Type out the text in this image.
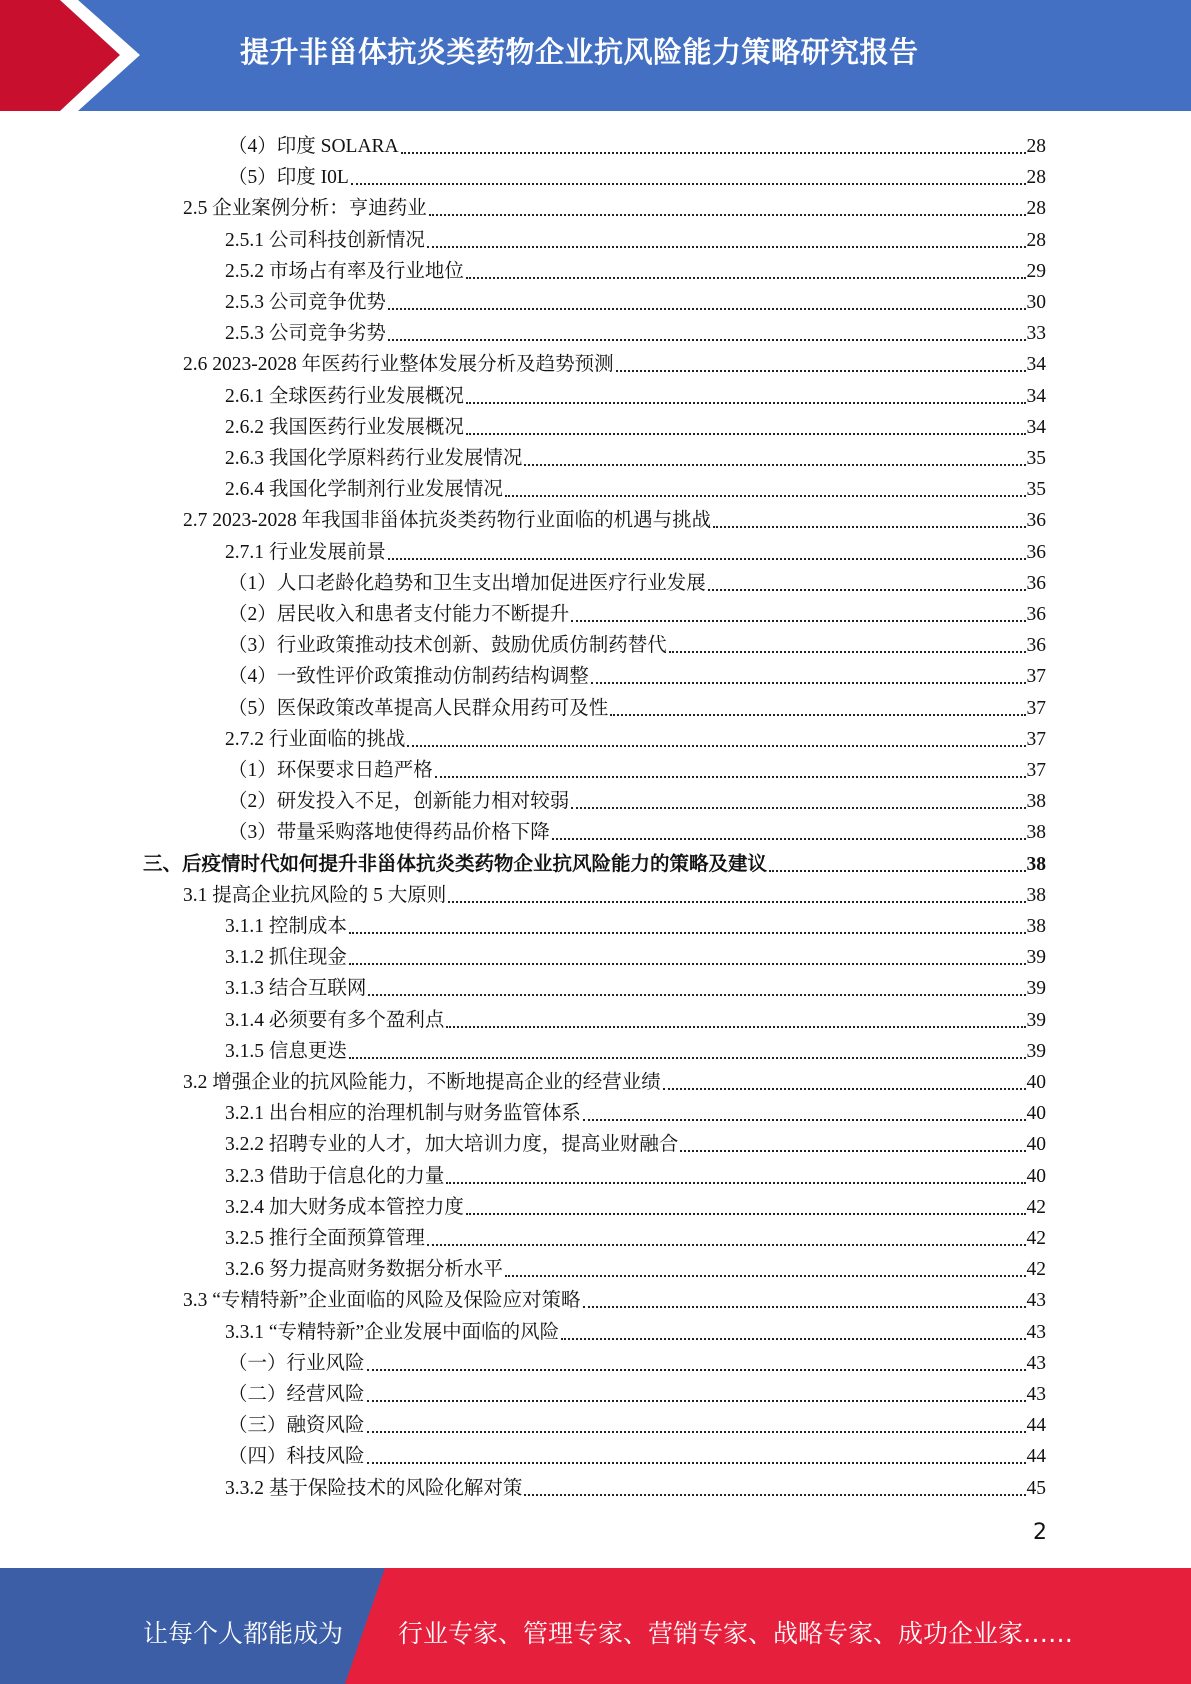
提升非甾体抗炎类药物企业抗风险能力策略研究报告
（4）印度 SOLARA	28
（5）印度 I0L	28
2.5 企业案例分析：亨迪药业	28
2.5.1 公司科技创新情况	28
2.5.2 市场占有率及行业地位	29
2.5.3 公司竞争优势	30
2.5.3 公司竞争劣势	33
2.6 2023-2028 年医药行业整体发展分析及趋势预测	34
2.6.1 全球医药行业发展概况	34
2.6.2 我国医药行业发展概况	34
2.6.3 我国化学原料药行业发展情况	35
2.6.4 我国化学制剂行业发展情况	35
2.7 2023-2028 年我国非甾体抗炎类药物行业面临的机遇与挑战	36
2.7.1 行业发展前景	36
（1）人口老龄化趋势和卫生支出增加促进医疗行业发展	36
（2）居民收入和患者支付能力不断提升	36
（3）行业政策推动技术创新、鼓励优质仿制药替代	36
（4）一致性评价政策推动仿制药结构调整	37
（5）医保政策改革提高人民群众用药可及性	37
2.7.2 行业面临的挑战	37
（1）环保要求日趋严格	37
（2）研发投入不足，创新能力相对较弱	38
（3）带量采购落地使得药品价格下降	38
三、后疫情时代如何提升非甾体抗炎类药物企业抗风险能力的策略及建议	38
3.1 提高企业抗风险的 5 大原则	38
3.1.1 控制成本	38
3.1.2 抓住现金	39
3.1.3 结合互联网	39
3.1.4 必须要有多个盈利点	39
3.1.5 信息更迭	39
3.2 增强企业的抗风险能力，不断地提高企业的经营业绩	40
3.2.1 出台相应的治理机制与财务监管体系	40
3.2.2 招聘专业的人才，加大培训力度，提高业财融合	40
3.2.3 借助于信息化的力量	40
3.2.4 加大财务成本管控力度	42
3.2.5 推行全面预算管理	42
3.2.6 努力提高财务数据分析水平	42
3.3 “专精特新”企业面临的风险及保险应对策略	43
3.3.1 “专精特新”企业发展中面临的风险	43
（一）行业风险	43
（二）经营风险	43
（三）融资风险	44
（四）科技风险	44
3.3.2 基于保险技术的风险化解对策	45
2
让每个人都能成为 行业专家、管理专家、营销专家、战略专家、成功企业家……
